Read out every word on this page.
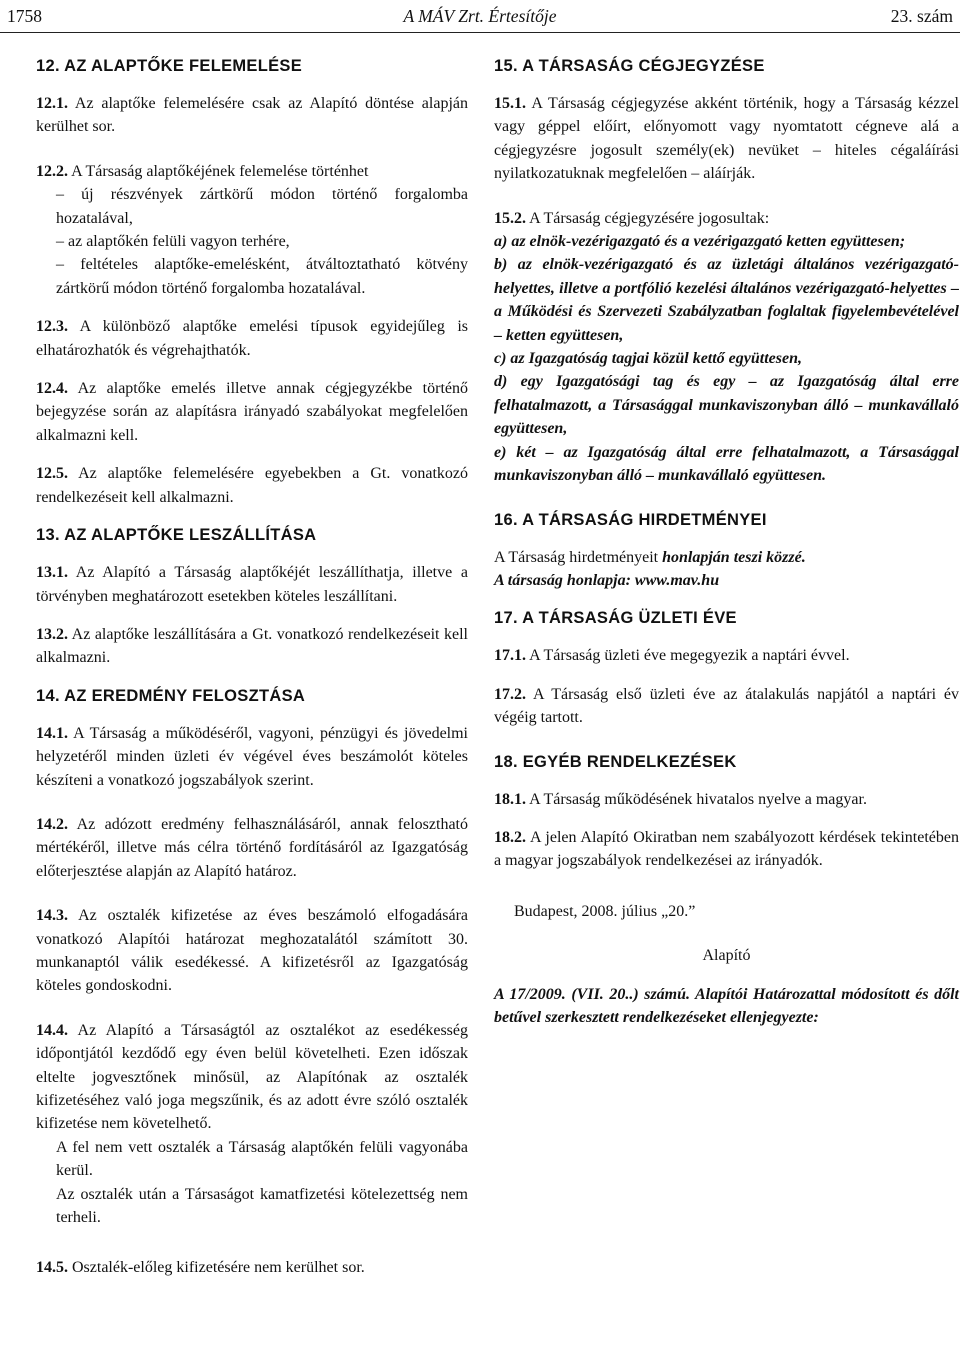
1758	A MÁV Zrt. Értesítője	23. szám
12. AZ ALAPTŐKE FELEMELÉSE

12.1. Az alaptőke felemelésére csak az Alapító döntése alapján kerülhet sor.

12.2. A Társaság alaptőkéjének felemelése történhet

– új részvények zártkörű módon történő forgalomba hozatalával,
– az alaptőkén felüli vagyon terhére,

– feltételes alaptőke-emelésként, átváltoztatható kötvény zártkörű módon történő forgalomba hozatalával.

12.3. A különböző alaptőke emelési típusok egyidejűleg is elhatározhatók és végrehajthatók.

12.4. Az alaptőke emelés illetve annak cégjegyzékbe történő bejegyzése során az alapításra irányadó szabályokat megfelelően alkalmazni kell.

12.5. Az alaptőke felemelésére egyebekben a Gt. vonatkozó rendelkezéseit kell alkalmazni.

13. AZ ALAPTŐKE LESZÁLLÍTÁSA

13.1. Az Alapító a Társaság alaptőkéjét leszállíthatja, illetve a törvényben meghatározott esetekben köteles leszállítani.

13.2. Az alaptőke leszállítására a Gt. vonatkozó rendelkezéseit kell alkalmazni.

14. AZ EREDMÉNY FELOSZTÁSA

14.1. A Társaság a működéséről, vagyoni, pénzügyi és jövedelmi helyzetéről minden üzleti év végével éves beszámolót köteles készíteni a vonatkozó jogszabályok szerint.

14.2. Az adózott eredmény felhasználásáról, annak felosztható mértékéről, illetve más célra történő fordításáról az Igazgatóság előterjesztése alapján az Alapító határoz.

14.3. Az osztalék kifizetése az éves beszámoló elfogadására vonatkozó Alapítói határozat meghozatalától számított 30. munkanaptól válik esedékessé. A kifizetésről az Igazgatóság köteles gondoskodni.

14.4. Az Alapító a Társaságtól az osztalékot az esedékesség időpontjától kezdődő egy éven belül követelheti. Ezen időszak eltelte jogvesztőnek minősül, az Alapítónak az osztalék kifizetéséhez való joga megszűnik, és az adott évre szóló osztalék kifizetése nem követelhető.

A fel nem vett osztalék a Társaság alaptőkén felüli vagyonába kerül.

Az osztalék után a Társaságot kamatfizetési kötelezettség nem terheli.

14.5. Osztalék-előleg kifizetésére nem kerülhet sor.

15. A TÁRSASÁG CÉGJEGYZÉSE

15.1. A Társaság cégjegyzése akként történik, hogy a Társaság kézzel vagy géppel előírt, előnyomott vagy nyomtatott cégneve alá a cégjegyzésre jogosult személy(ek) nevüket – hiteles cégaláírási nyilatkozatuknak megfelelően – aláírják.

15.2. A Társaság cégjegyzésére jogosultak:

a) az elnök-vezérigazgató és a vezérigazgató ketten együttesen;

b) az elnök-vezérigazgató és az üzletági általános vezérigazgató-helyettes, illetve a portfólió kezelési általános vezérigazgató-helyettes – a Működési és Szervezeti Szabályzatban foglaltak figyelembevételével – ketten együttesen,

c) az Igazgatóság tagjai közül kettő együttesen,

d) egy Igazgatósági tag és egy – az Igazgatóság által erre felhatalmazott, a Társasággal munkaviszonyban álló – munkavállaló együttesen,

e) két – az Igazgatóság által erre felhatalmazott, a Társasággal munkaviszonyban álló – munkavállaló együttesen.

16. A TÁRSASÁG HIRDETMÉNYEI

A Társaság hirdetményeit honlapján teszi közzé.

A társaság honlapja: www.mav.hu

17. A TÁRSASÁG ÜZLETI ÉVE

17.1. A Társaság üzleti éve megegyezik a naptári évvel.

17.2. A Társaság első üzleti éve az átalakulás napjától a naptári év végéig tartott.

18. EGYÉB RENDELKEZÉSEK

18.1. A Társaság működésének hivatalos nyelve a magyar.

18.2. A jelen Alapító Okiratban nem szabályozott kérdések tekintetében a magyar jogszabályok rendelkezései az irányadók.

Budapest, 2008. július „20.”

Alapító

A 17/2009. (VII. 20..) számú. Alapítói Határozattal módosított és dőlt betűvel szerkesztett rendelkezéseket ellenjegyezte:
